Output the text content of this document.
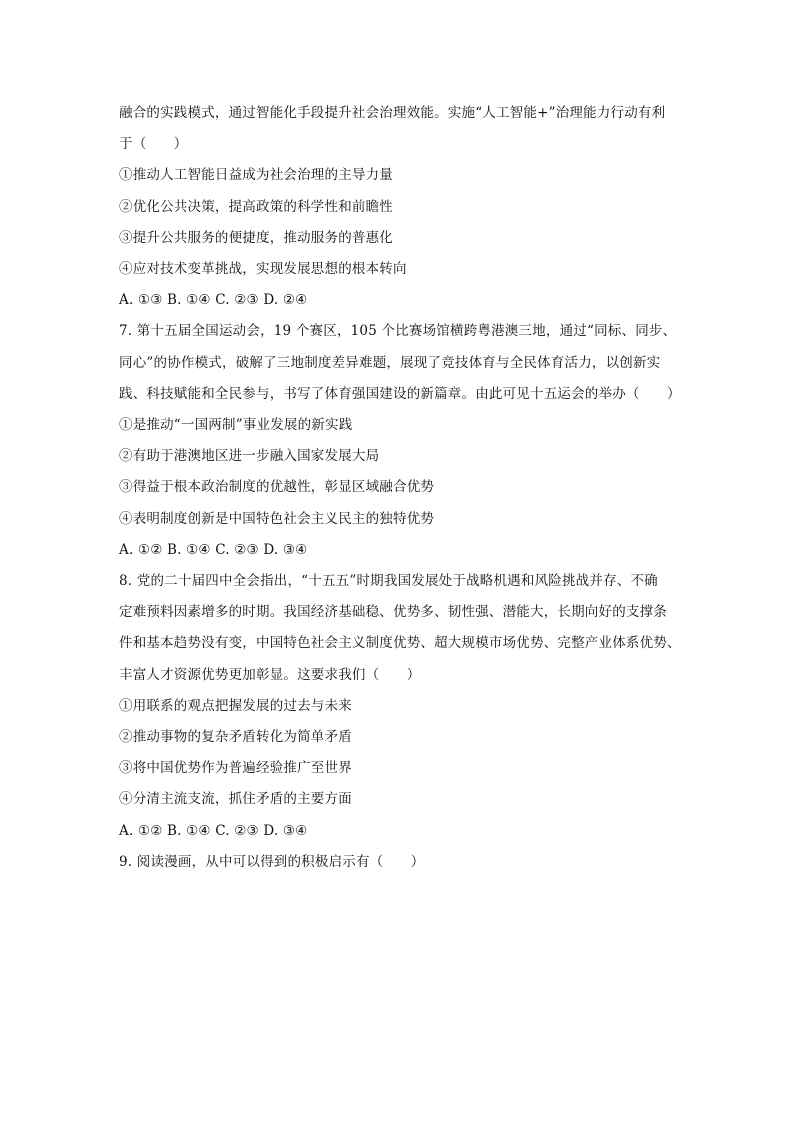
融合的实践模式，通过智能化手段提升社会治理效能。实施“人工智能+”治理能力行动有利
于（　　）
①推动人工智能日益成为社会治理的主导力量
②优化公共决策，提高政策的科学性和前瞻性
③提升公共服务的便捷度，推动服务的普惠化
④应对技术变革挑战，实现发展思想的根本转向
A. ①③ B. ①④ C. ②③ D. ②④
7. 第十五届全国运动会，19 个赛区，105 个比赛场馆横跨粤港澳三地，通过“同标、同步、
同心”的协作模式，破解了三地制度差异难题，展现了竞技体育与全民体育活力，以创新实
践、科技赋能和全民参与，书写了体育强国建设的新篇章。由此可见十五运会的举办（　　）
①是推动“一国两制”事业发展的新实践
②有助于港澳地区进一步融入国家发展大局
③得益于根本政治制度的优越性，彰显区域融合优势
④表明制度创新是中国特色社会主义民主的独特优势
A. ①② B. ①④ C. ②③ D. ③④
8. 党的二十届四中全会指出，“十五五”时期我国发展处于战略机遇和风险挑战并存、不确
定难预料因素增多的时期。我国经济基础稳、优势多、韧性强、潜能大，长期向好的支撑条
件和基本趋势没有变，中国特色社会主义制度优势、超大规模市场优势、完整产业体系优势、
丰富人才资源优势更加彰显。这要求我们（　　）
①用联系的观点把握发展的过去与未来
②推动事物的复杂矛盾转化为简单矛盾
③将中国优势作为普遍经验推广至世界
④分清主流支流，抓住矛盾的主要方面
A. ①② B. ①④ C. ②③ D. ③④
9. 阅读漫画，从中可以得到的积极启示有（　　）
